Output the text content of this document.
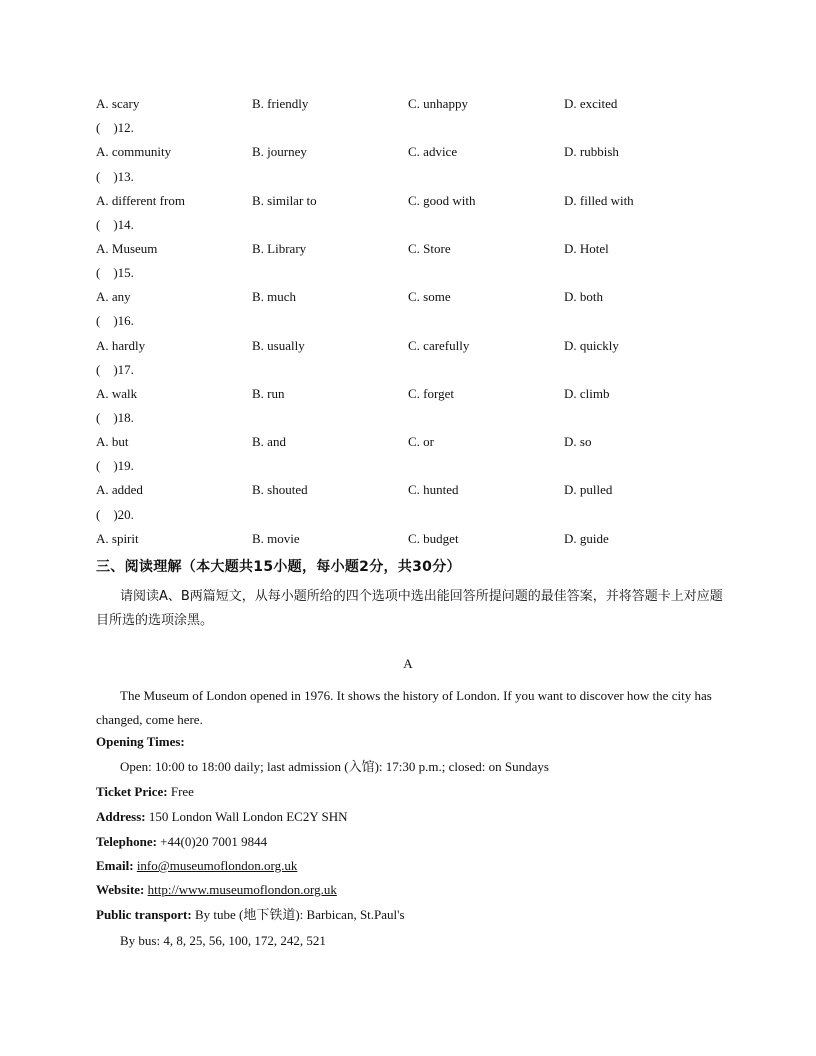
A. scary	B. friendly	C. unhappy	D. excited
(　)12.
A. community	B. journey	C. advice	D. rubbish
(　)13.
A. different from	B. similar to	C. good with	D. filled with
(　)14.
A. Museum	B. Library	C. Store	D. Hotel
(　)15.
A. any	B. much	C. some	D. both
(　)16.
A. hardly	B. usually	C. carefully	D. quickly
(　)17.
A. walk	B. run	C. forget	D. climb
(　)18.
A. but	B. and	C. or	D. so
(　)19.
A. added	B. shouted	C. hunted	D. pulled
(　)20.
A. spirit	B. movie	C. budget	D. guide
三、阅读理解（本大题共15小题，每小题2分，共30分）
请阅读A、B两篇短文，从每小题所给的四个选项中选出能回答所提问题的最佳答案，并将答题卡上对应题目所选的选项涂黑。
A
The Museum of London opened in 1976. It shows the history of London. If you want to discover how the city has changed, come here.
Opening Times:
Open: 10:00 to 18:00 daily; last admission (入馆): 17:30 p.m.; closed: on Sundays
Ticket Price: Free
Address: 150 London Wall London EC2Y SHN
Telephone: +44(0)20 7001 9844
Email: info@museumoflondon.org.uk
Website: http://www.museumoflondon.org.uk
Public transport: By tube (地下铁道): Barbican, St.Paul's
By bus: 4, 8, 25, 56, 100, 172, 242, 521
